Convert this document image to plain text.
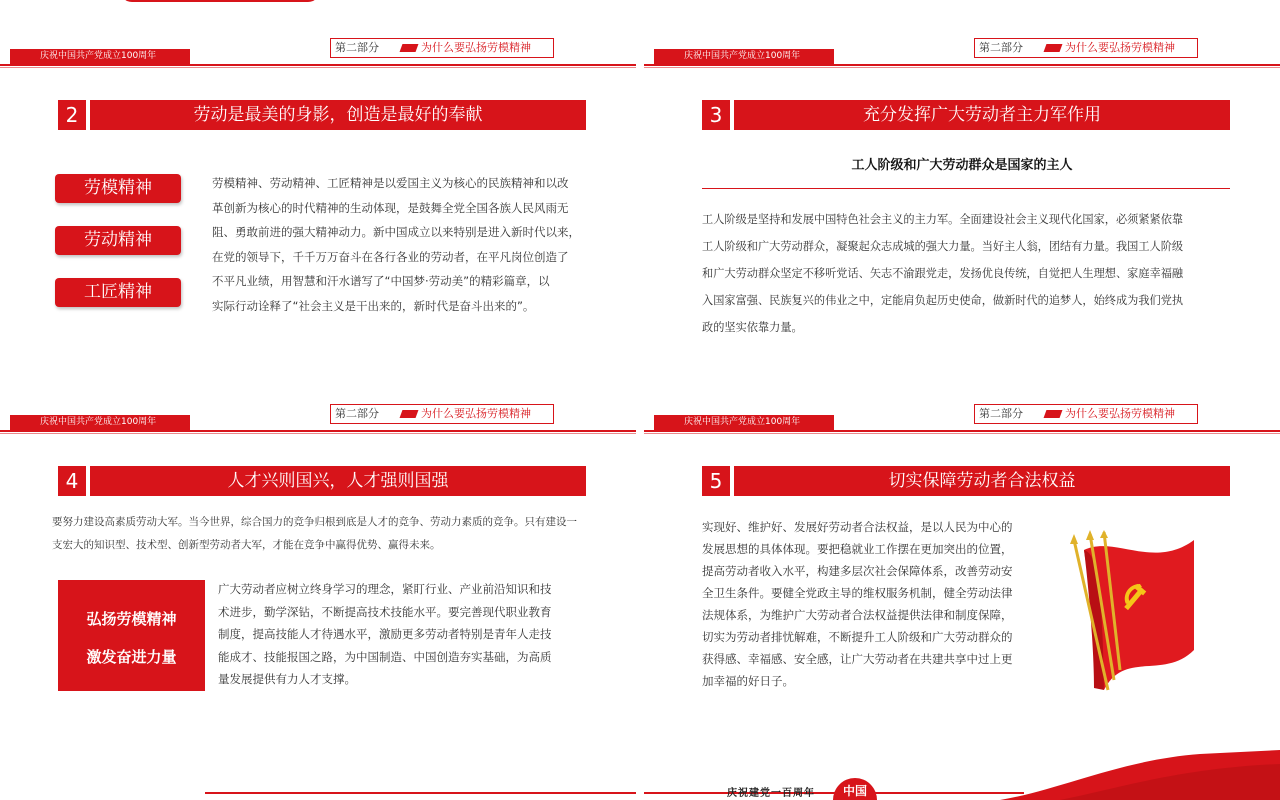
第二部分	为什么要弘扬劳模精神
庆祝中国共产党成立100周年
2	劳动是最美的身影，创造是最好的奉献
劳模精神
劳动精神
工匠精神
劳模精神、劳动精神、工匠精神是以爱国主义为核心的民族精神和以改
革创新为核心的时代精神的生动体现，是鼓舞全党全国各族人民风雨无
阻、勇敢前进的强大精神动力。新中国成立以来特别是进入新时代以来，
在党的领导下，千千万万奋斗在各行各业的劳动者，在平凡岗位创造了
不平凡业绩，用智慧和汗水谱写了“中国梦·劳动美”的精彩篇章，以
实际行动诠释了“社会主义是干出来的，新时代是奋斗出来的”。
第二部分	为什么要弘扬劳模精神
庆祝中国共产党成立100周年
3	充分发挥广大劳动者主力军作用
工人阶级和广大劳动群众是国家的主人
工人阶级是坚持和发展中国特色社会主义的主力军。全面建设社会主义现代化国家，必须紧紧依靠
工人阶级和广大劳动群众，凝聚起众志成城的强大力量。当好主人翁，团结有力量。我国工人阶级
和广大劳动群众坚定不移听党话、矢志不渝跟党走，发扬优良传统，自觉把人生理想、家庭幸福融
入国家富强、民族复兴的伟业之中，定能肩负起历史使命，做新时代的追梦人，始终成为我们党执
政的坚实依靠力量。
第二部分	为什么要弘扬劳模精神
庆祝中国共产党成立100周年
4	人才兴则国兴，人才强则国强
要努力建设高素质劳动大军。当今世界，综合国力的竞争归根到底是人才的竞争、劳动力素质的竞争。只有建设一
支宏大的知识型、技术型、创新型劳动者大军，才能在竞争中赢得优势、赢得未来。
弘扬劳模精神
激发奋进力量
广大劳动者应树立终身学习的理念，紧盯行业、产业前沿知识和技
术进步，勤学深钻，不断提高技术技能水平。要完善现代职业教育
制度，提高技能人才待遇水平，激励更多劳动者特别是青年人走技
能成才、技能报国之路，为中国制造、中国创造夯实基础，为高质
量发展提供有力人才支撑。
第二部分	为什么要弘扬劳模精神
庆祝中国共产党成立100周年
5	切实保障劳动者合法权益
实现好、维护好、发展好劳动者合法权益，是以人民为中心的
发展思想的具体体现。要把稳就业工作摆在更加突出的位置，
提高劳动者收入水平，构建多层次社会保障体系，改善劳动安
全卫生条件。要健全党政主导的维权服务机制，健全劳动法律
法规体系，为维护广大劳动者合法权益提供法律和制度保障，
切实为劳动者排忧解难，不断提升工人阶级和广大劳动群众的
获得感、幸福感、安全感，让广大劳动者在共建共享中过上更
加幸福的好日子。
庆祝建党一百周年	中国
